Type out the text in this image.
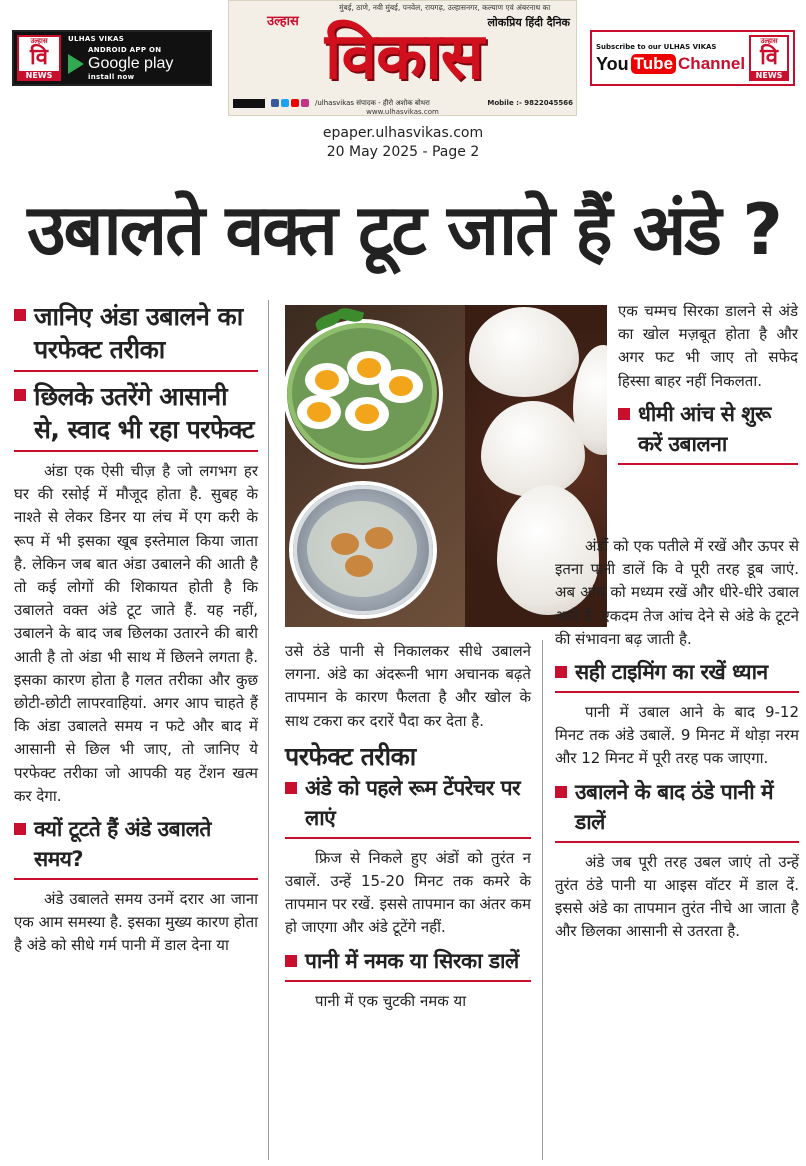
उल्हास
वि
NEWS
ULHAS VIKAS
ANDROID APP ON
Google play
install now
मुंबई, ठाणे, नवी मुंबई, पनवेल, रायगढ़, उल्हासनगर, कल्याण एवं अंबरनाथ का
उल्हास	लोकप्रिय हिंदी दैनिक
विकास
/ulhasvikas संपादक - हीरो अशोक बोथरा	Mobile :- 9822045566
www.ulhasvikas.com
Subscribe to our ULHAS VIKAS
You Tube Channel
उल्हास
वि
NEWS
epaper.ulhasvikas.com
20 May 2025 - Page 2
उबालते वक्त टूट जाते हैं अंडे ?
जानिए अंडा उबालने का परफेक्ट तरीका
छिलके उतरेंगे आसानी से, स्वाद भी रहा परफेक्ट

अंडा एक ऐसी चीज़ है जो लगभग हर घर की रसोई में मौजूद होता है. सुबह के नाश्ते से लेकर डिनर या लंच में एग करी के रूप में भी इसका खूब इस्तेमाल किया जाता है. लेकिन जब बात अंडा उबालने की आती है तो कई लोगों की शिकायत होती है कि उबालते वक्त अंडे टूट जाते हैं. यह नहीं, उबालने के बाद जब छिलका उतारने की बारी आती है तो अंडा भी साथ में छिलने लगता है. इसका कारण होता है गलत तरीका और कुछ छोटी-छोटी लापरवाहियां. अगर आप चाहते हैं कि अंडा उबालते समय न फटे और बाद में आसानी से छिल भी जाए, तो जानिए ये परफेक्ट तरीका जो आपकी यह टेंशन खत्म कर देगा.

क्यों टूटते हैं अंडे उबालते समय?

अंडे उबालते समय उनमें दरार आ जाना एक आम समस्या है. इसका मुख्य कारण होता है अंडे को सीधे गर्म पानी में डाल देना या

उसे ठंडे पानी से निकालकर सीधे उबालने लगना. अंडे का अंदरूनी भाग अचानक बढ़ते तापमान के कारण फैलता है और खोल के साथ टकरा कर दरारें पैदा कर देता है.

परफेक्ट तरीका
अंडे को पहले रूम टेंपरेचर पर लाएं

फ्रिज से निकले हुए अंडों को तुरंत न उबालें. उन्हें 15-20 मिनट तक कमरे के तापमान पर रखें. इससे तापमान का अंतर कम हो जाएगा और अंडे टूटेंगे नहीं.

पानी में नमक या सिरका डालें

पानी में एक चुटकी नमक या

एक चम्मच सिरका डालने से अंडे का खोल मज़बूत होता है और अगर फट भी जाए तो सफेद हिस्सा बाहर नहीं निकलता.

धीमी आंच से शुरू करें उबालना

अंडों को एक पतीले में रखें और ऊपर से इतना पानी डालें कि वे पूरी तरह डूब जाएं. अब आंच को मध्यम रखें और धीरे-धीरे उबाल आने दें. एकदम तेज आंच देने से अंडे के टूटने की संभावना बढ़ जाती है.

सही टाइमिंग का रखें ध्यान

पानी में उबाल आने के बाद 9-12 मिनट तक अंडे उबालें. 9 मिनट में थोड़ा नरम और 12 मिनट में पूरी तरह पक जाएगा.

उबालने के बाद ठंडे पानी में डालें

अंडे जब पूरी तरह उबल जाएं तो उन्हें तुरंत ठंडे पानी या आइस वॉटर में डाल दें. इससे अंडे का तापमान तुरंत नीचे आ जाता है और छिलका आसानी से उतरता है.
